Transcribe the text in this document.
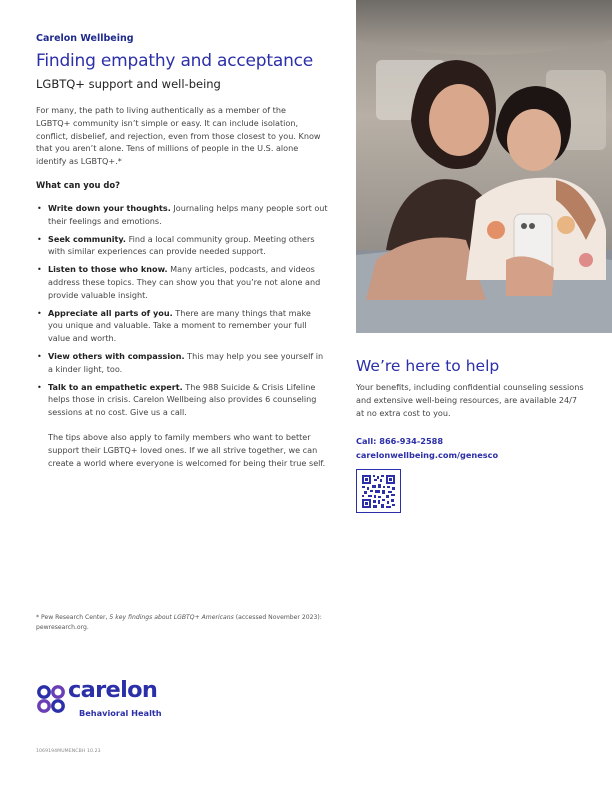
Carelon Wellbeing
Finding empathy and acceptance
LGBTQ+ support and well-being

For many, the path to living authentically as a member of the LGBTQ+ community isn’t simple or easy. It can include isolation, conflict, disbelief, and rejection, even from those closest to you. Know that you aren’t alone. Tens of millions of people in the U.S. alone identify as LGBTQ+.*

What can you do?
• Write down your thoughts. Journaling helps many people sort out their feelings and emotions.
• Seek community. Find a local community group. Meeting others with similar experiences can provide needed support.
• Listen to those who know. Many articles, podcasts, and videos address these topics. They can show you that you’re not alone and provide valuable insight.
• Appreciate all parts of you. There are many things that make you unique and valuable. Take a moment to remember your full value and worth.
• View others with compassion. This may help you see yourself in a kinder light, too.
• Talk to an empathetic expert. The 988 Suicide & Crisis Lifeline helps those in crisis. Carelon Wellbeing also provides 6 counseling sessions at no cost. Give us a call.

The tips above also apply to family members who want to better support their LGBTQ+ loved ones. If we all strive together, we can create a world where everyone is welcomed for being their true self.

* Pew Research Center, 5 key findings about LGBTQ+ Americans (accessed November 2023): pewresearch.org.

carelon
Behavioral Health
1069194MUMENCBH 10.23
We’re here to help

Your benefits, including confidential counseling sessions and extensive well-being resources, are available 24/7 at no extra cost to you.

Call: 866-934-2588
carelonwellbeing.com/genesco
